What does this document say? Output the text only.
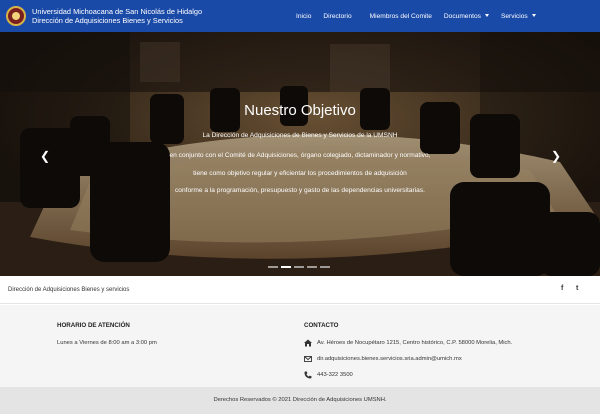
Universidad Michoacana de San Nicolás de Hidalgo
Dirección de Adquisiciones Bienes y Servicios	Inicio Directorio	Miembros del Comite Documentos	Servicios
Nuestro Objetivo
La Dirección de Adquisiciones de Bienes y Servicios de la UMSNH
en conjunto con el Comité de Adquisiciones, órgano colegiado, dictaminador y normativo,
tiene como objetivo regular y eficientar los procedimientos de adquisición
conforme a la programación, presupuesto y gasto de las dependencias universitarias.
❮	❯
Dirección de Adquisiciones Bienes y servicios	f t
HORARIO DE ATENCIÓN
Lunes a Viernes de 8:00 am a 3:00 pm
CONTACTO
Av. Héroes de Nocupétaro 1215, Centro histórico, C.P. 58000 Morelia, Mich.
dir.adquisiciones.bienes.servicios.sria.admin@umich.mx
443-322 3500
Derechos Reservados © 2021 Dirección de Adquisiciones UMSNH.
